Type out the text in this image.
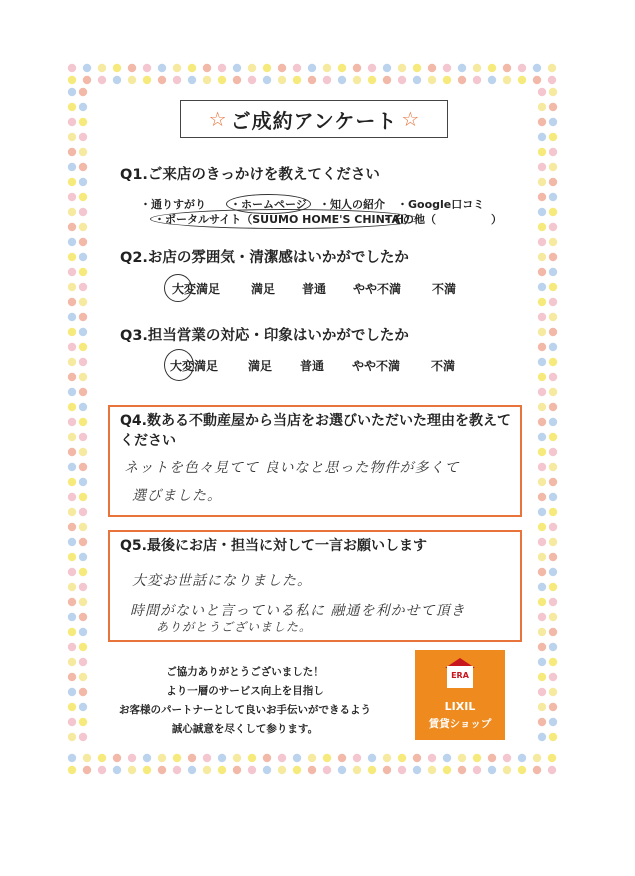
☆ ご成約アンケート ☆
Q1.ご来店のきっかけを教えてください
・通りすがり	・ホームページ	・知人の紹介 ・Google口コミ
・ポータルサイト（SUUMO HOME'S CHINTAI）
・その他（　　　　　）
Q2.お店の雰囲気・清潔感はいかがでしたか
大変満足	満足 普通 やや不満	不満
Q3.担当営業の対応・印象はいかがでしたか
大変満足 満足 普通 やや不満	不満
Q4.数ある不動産屋から当店をお選びいただいた理由を教えてください
ネットを色々見てて 良いなと思った物件が多くて
選びました。
Q5.最後にお店・担当に対して一言お願いします
大変お世話になりました。
時間がないと言っている私に 融通を利かせて頂き
ありがとうございました。
ご協力ありがとうございました！
より一層のサービス向上を目指し
お客様のパートナーとして良いお手伝いができるよう
誠心誠意を尽くして参ります。
ERA
LIXIL
賃貸ショップ
